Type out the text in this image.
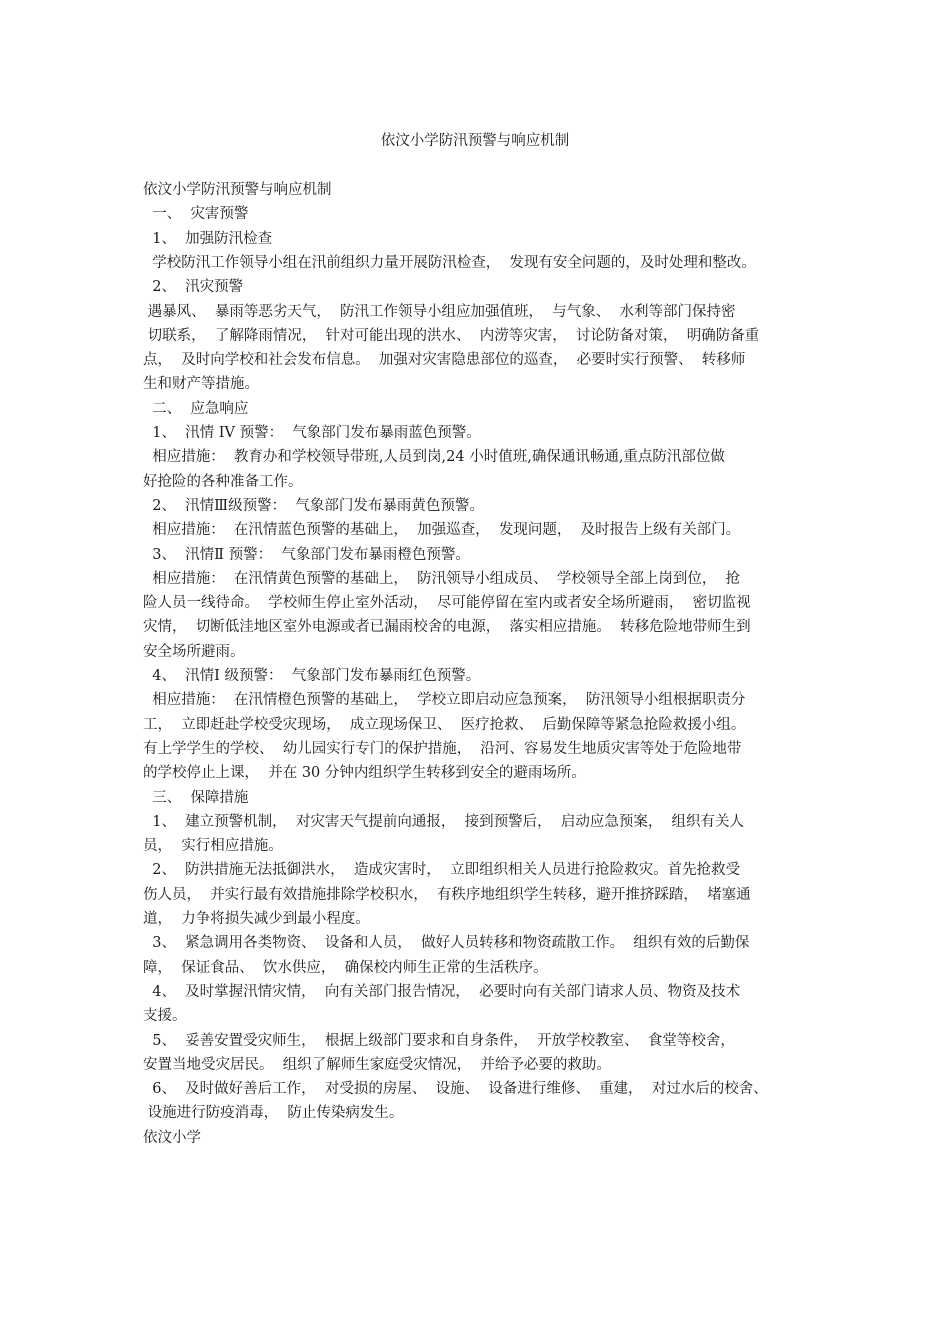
依汶小学防汛预警与响应机制
依汶小学防汛预警与响应机制
一、  灾害预警
1、  加强防汛检查
学校防汛工作领导小组在汛前组织力量开展防汛检查，  发现有安全问题的，及时处理和整改。
2、  汛灾预警
遇暴风、  暴雨等恶劣天气，  防汛工作领导小组应加强值班，  与气象、  水利等部门保持密
切联系，  了解降雨情况，  针对可能出现的洪水、  内涝等灾害，  讨论防备对策，  明确防备重
点，  及时向学校和社会发布信息。  加强对灾害隐患部位的巡查，  必要时实行预警、  转移师
生和财产等措施。
二、  应急响应
1、  汛情 IV 预警：  气象部门发布暴雨蓝色预警。
相应措施：  教育办和学校领导带班,人员到岗,24 小时值班,确保通讯畅通,重点防汛部位做
好抢险的各种准备工作。
2、  汛情Ⅲ级预警：  气象部门发布暴雨黄色预警。
相应措施：  在汛情蓝色预警的基础上，  加强巡查，  发现问题，  及时报告上级有关部门。
3、  汛情Ⅱ 预警：  气象部门发布暴雨橙色预警。
相应措施：  在汛情黄色预警的基础上，  防汛领导小组成员、  学校领导全部上岗到位，  抢
险人员一线待命。  学校师生停止室外活动，  尽可能停留在室内或者安全场所避雨，  密切监视
灾情，  切断低洼地区室外电源或者已漏雨校舍的电源，  落实相应措施。  转移危险地带师生到
安全场所避雨。
4、  汛情Ⅰ 级预警：  气象部门发布暴雨红色预警。
相应措施：  在汛情橙色预警的基础上，  学校立即启动应急预案，  防汛领导小组根据职责分
工，  立即赶赴学校受灾现场，  成立现场保卫、  医疗抢救、  后勤保障等紧急抢险救援小组。
有上学学生的学校、  幼儿园实行专门的保护措施，  沿河、容易发生地质灾害等处于危险地带
的学校停止上课，  并在 30 分钟内组织学生转移到安全的避雨场所。
三、  保障措施
1、  建立预警机制，  对灾害天气提前向通报，  接到预警后，  启动应急预案，  组织有关人
员，  实行相应措施。
2、  防洪措施无法抵御洪水，  造成灾害时，  立即组织相关人员进行抢险救灾。首先抢救受
伤人员，  并实行最有效措施排除学校积水，  有秩序地组织学生转移，避开推挤踩踏，  堵塞通
道，  力争将损失减少到最小程度。
3、  紧急调用各类物资、  设备和人员，  做好人员转移和物资疏散工作。  组织有效的后勤保
障，  保证食品、  饮水供应，  确保校内师生正常的生活秩序。
4、  及时掌握汛情灾情，  向有关部门报告情况，  必要时向有关部门请求人员、物资及技术
支援。
5、  妥善安置受灾师生，  根据上级部门要求和自身条件，  开放学校教室、  食堂等校舍，
安置当地受灾居民。  组织了解师生家庭受灾情况，  并给予必要的救助。
6、  及时做好善后工作，  对受损的房屋、  设施、  设备进行维修、  重建，  对过水后的校舍、
设施进行防疫消毒，  防止传染病发生。
依汶小学
